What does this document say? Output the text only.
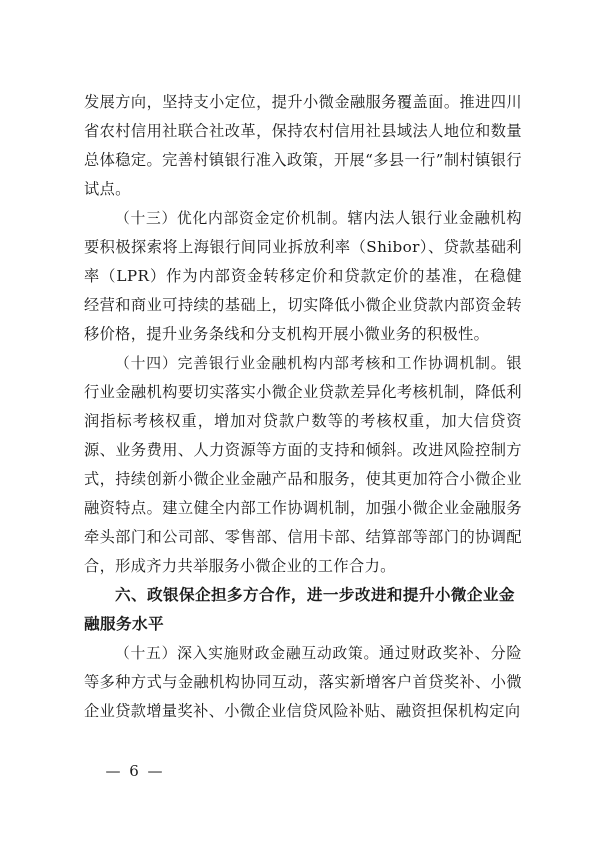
发展方向，坚持支小定位，提升小微金融服务覆盖面。推进四川省农村信用社联合社改革，保持农村信用社县域法人地位和数量总体稳定。完善村镇银行准入政策，开展“多县一行”制村镇银行试点。

（十三）优化内部资金定价机制。辖内法人银行业金融机构要积极探索将上海银行间同业拆放利率（Shibor）、贷款基础利率（LPR）作为内部资金转移定价和贷款定价的基准，在稳健经营和商业可持续的基础上，切实降低小微企业贷款内部资金转移价格，提升业务条线和分支机构开展小微业务的积极性。

（十四）完善银行业金融机构内部考核和工作协调机制。银行业金融机构要切实落实小微企业贷款差异化考核机制，降低利润指标考核权重，增加对贷款户数等的考核权重，加大信贷资源、业务费用、人力资源等方面的支持和倾斜。改进风险控制方式，持续创新小微企业金融产品和服务，使其更加符合小微企业融资特点。建立健全内部工作协调机制，加强小微企业金融服务牵头部门和公司部、零售部、信用卡部、结算部等部门的协调配合，形成齐力共举服务小微企业的工作合力。

六、政银保企担多方合作，进一步改进和提升小微企业金融服务水平

（十五）深入实施财政金融互动政策。通过财政奖补、分险等多种方式与金融机构协同互动，落实新增客户首贷奖补、小微企业贷款增量奖补、小微企业信贷风险补贴、融资担保机构定向

— 6 —
